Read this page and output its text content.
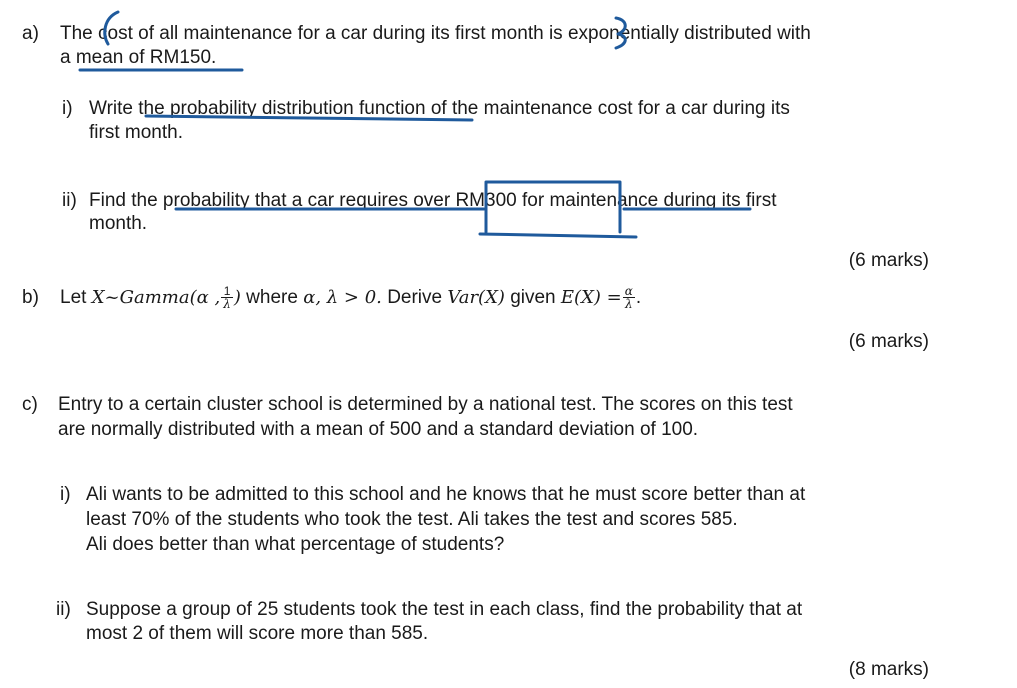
a) The cost of all maintenance for a car during its first month is exponentially distributed with
a mean of RM150.
i) Write the probability distribution function of the maintenance cost for a car during its
first month.
ii) Find the probability that a car requires over RM300 for maintenance during its first
month.
(6 marks)
b) Let X~Gamma(α , $\frac{1}{\lambda}$ ) where α, λ > 0. Derive Var(X) given $E(X) = \frac{\alpha}{\lambda}$ .
(6 marks)
c) Entry to a certain cluster school is determined by a national test. The scores on this test
are normally distributed with a mean of 500 and a standard deviation of 100.
i) Ali wants to be admitted to this school and he knows that he must score better than at
least 70% of the students who took the test. Ali takes the test and scores 585.
Ali does better than what percentage of students?
ii) Suppose a group of 25 students took the test in each class, find the probability that at
most 2 of them will score more than 585.
(8 marks)
